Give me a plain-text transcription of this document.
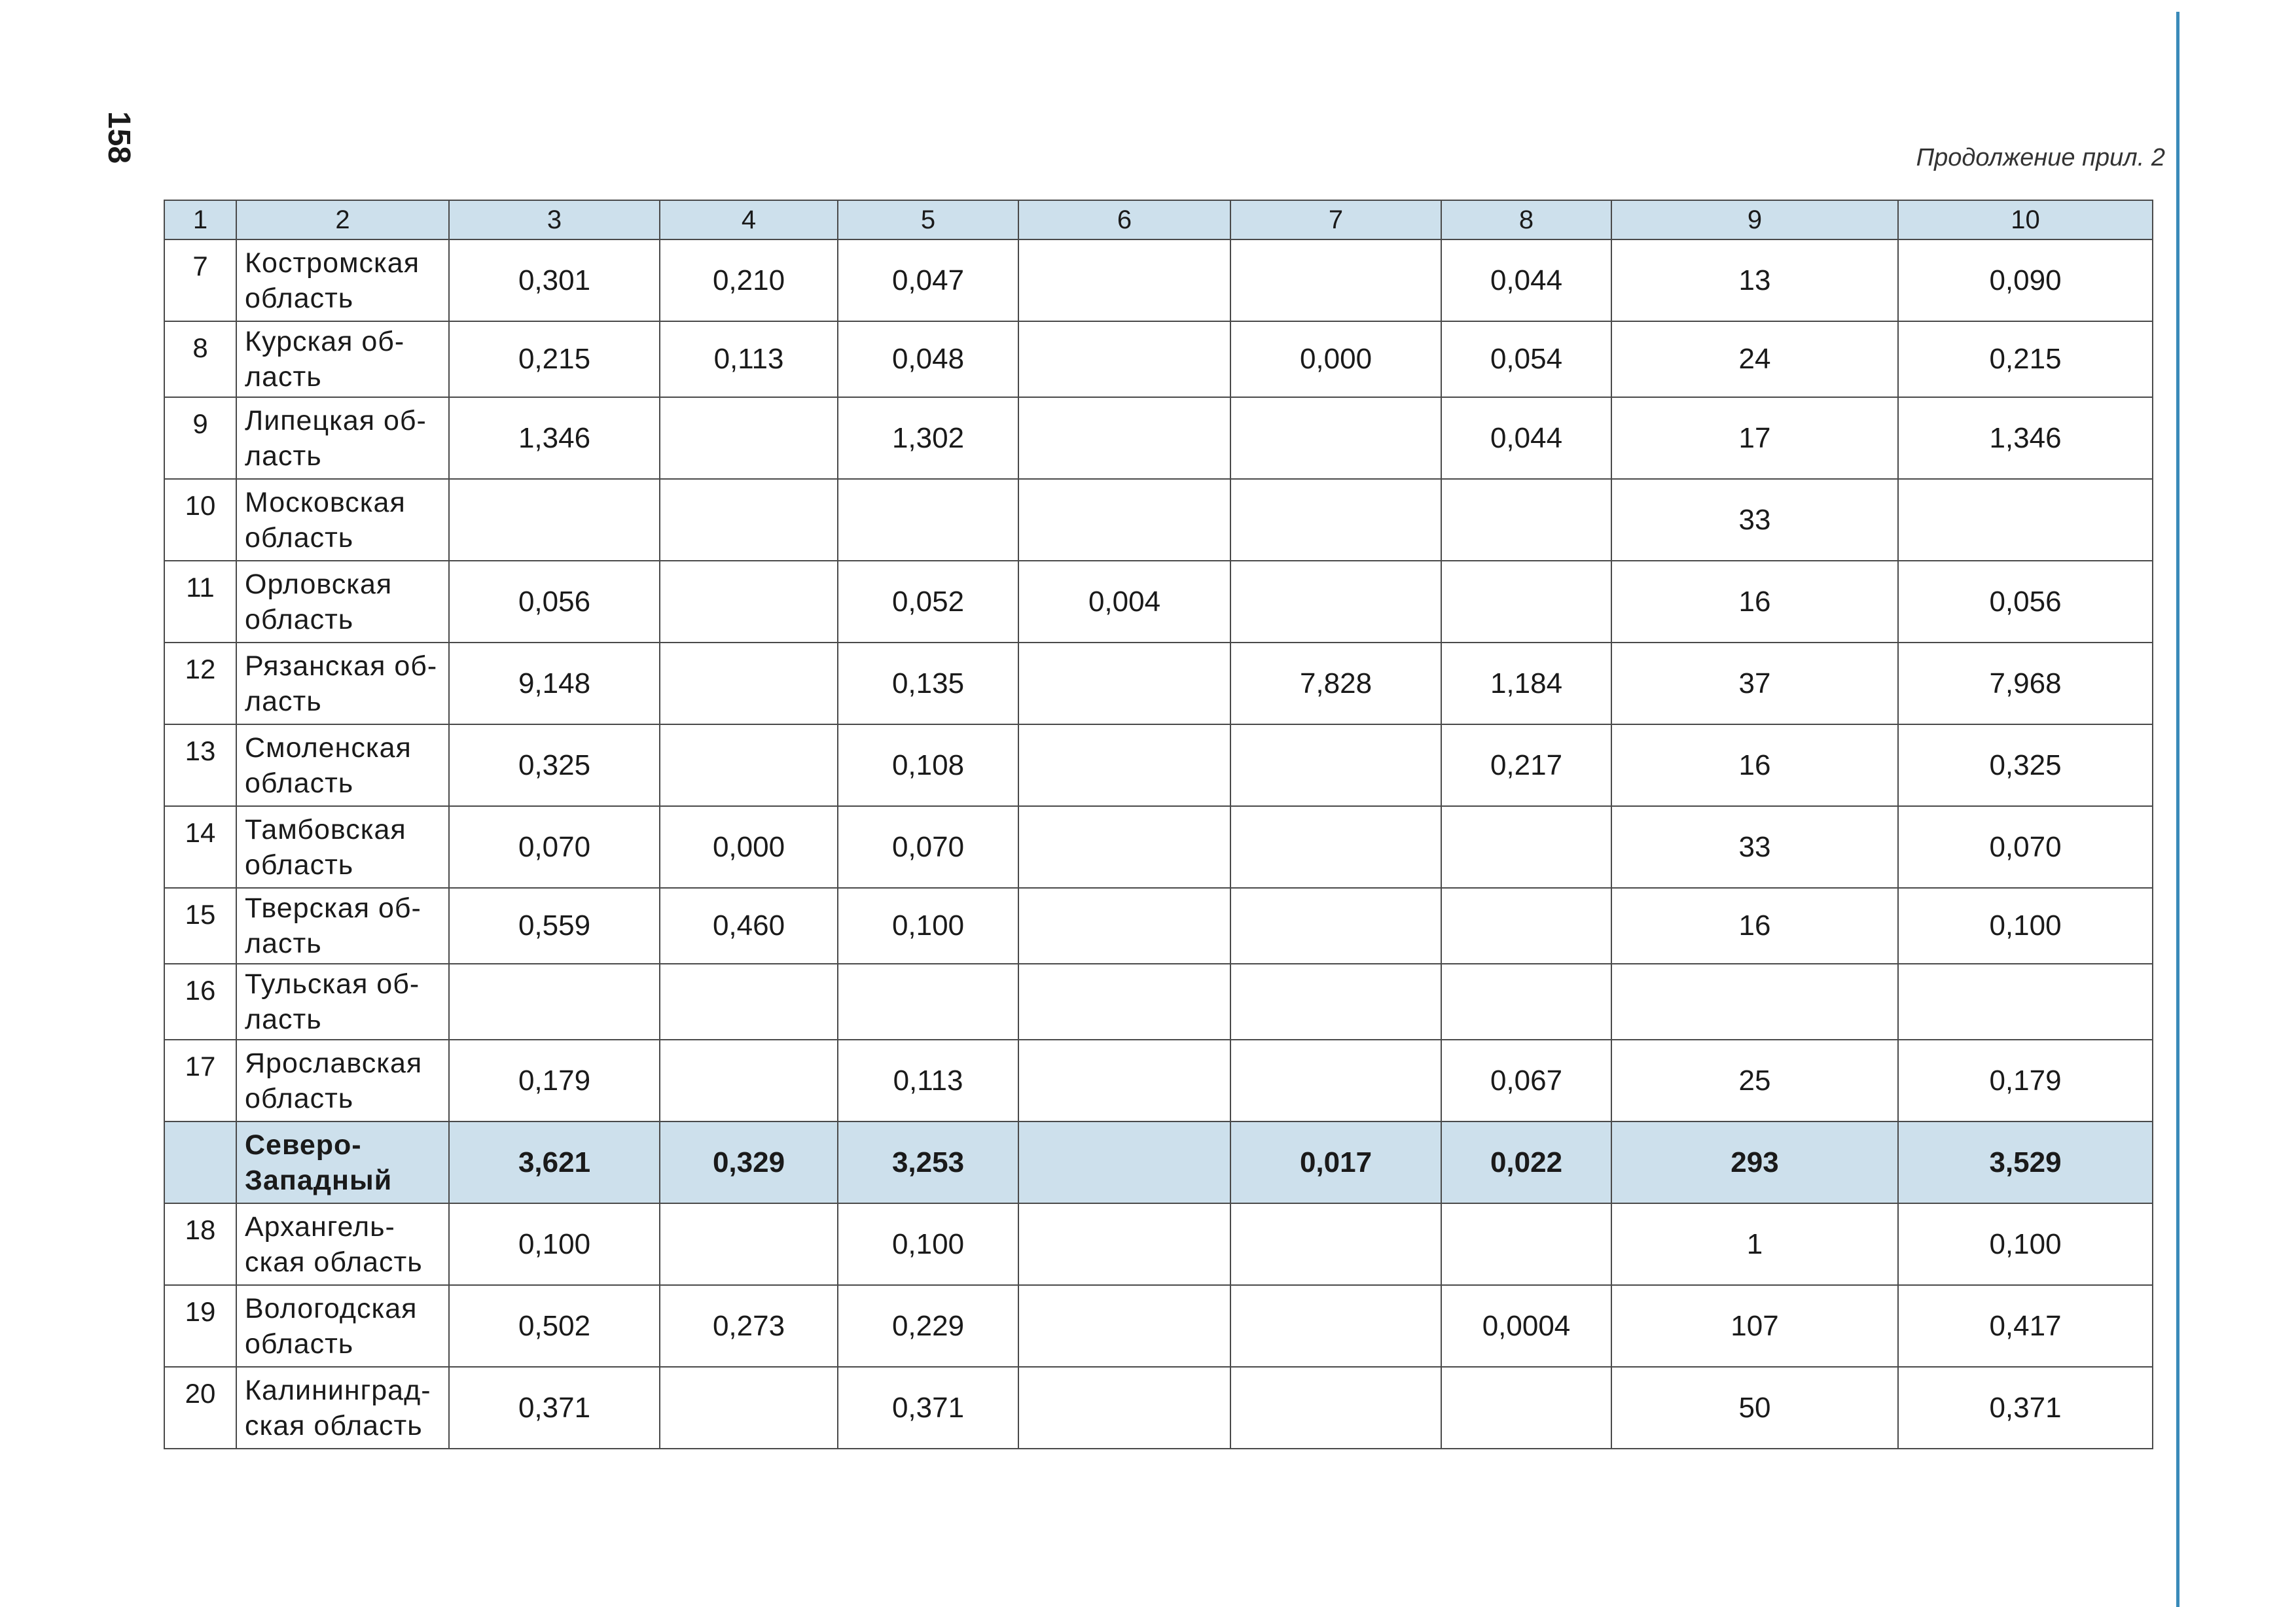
158	Продолжение прил. 2
1	2	3	4	5	6	7	8	9	10
7	Костромская
область	0,301	0,210	0,047			0,044	13	0,090
8	Курская об-
ласть	0,215	0,113	0,048		0,000	0,054	24	0,215
9	Липецкая об-
ласть	1,346		1,302			0,044	17	1,346
10	Московская
область							33	
11	Орловская
область	0,056		0,052	0,004			16	0,056
12	Рязанская об-
ласть	9,148		0,135		7,828	1,184	37	7,968
13	Смоленская
область	0,325		0,108			0,217	16	0,325
14	Тамбовская
область	0,070	0,000	0,070				33	0,070
15	Тверская об-
ласть	0,559	0,460	0,100				16	0,100
16	Тульская об-
ласть								

17	Ярославская
область	0,179		0,113			0,067	25	0,179

	Северо-
Западный	3,621	0,329	3,253		0,017	0,022	293	3,529
18	Архангель-
ская область	0,100		0,100				1	0,100
19	Вологодская
область	0,502	0,273	0,229			0,0004	107	0,417
20	Калининград-
ская область	0,371		0,371				50	0,371
